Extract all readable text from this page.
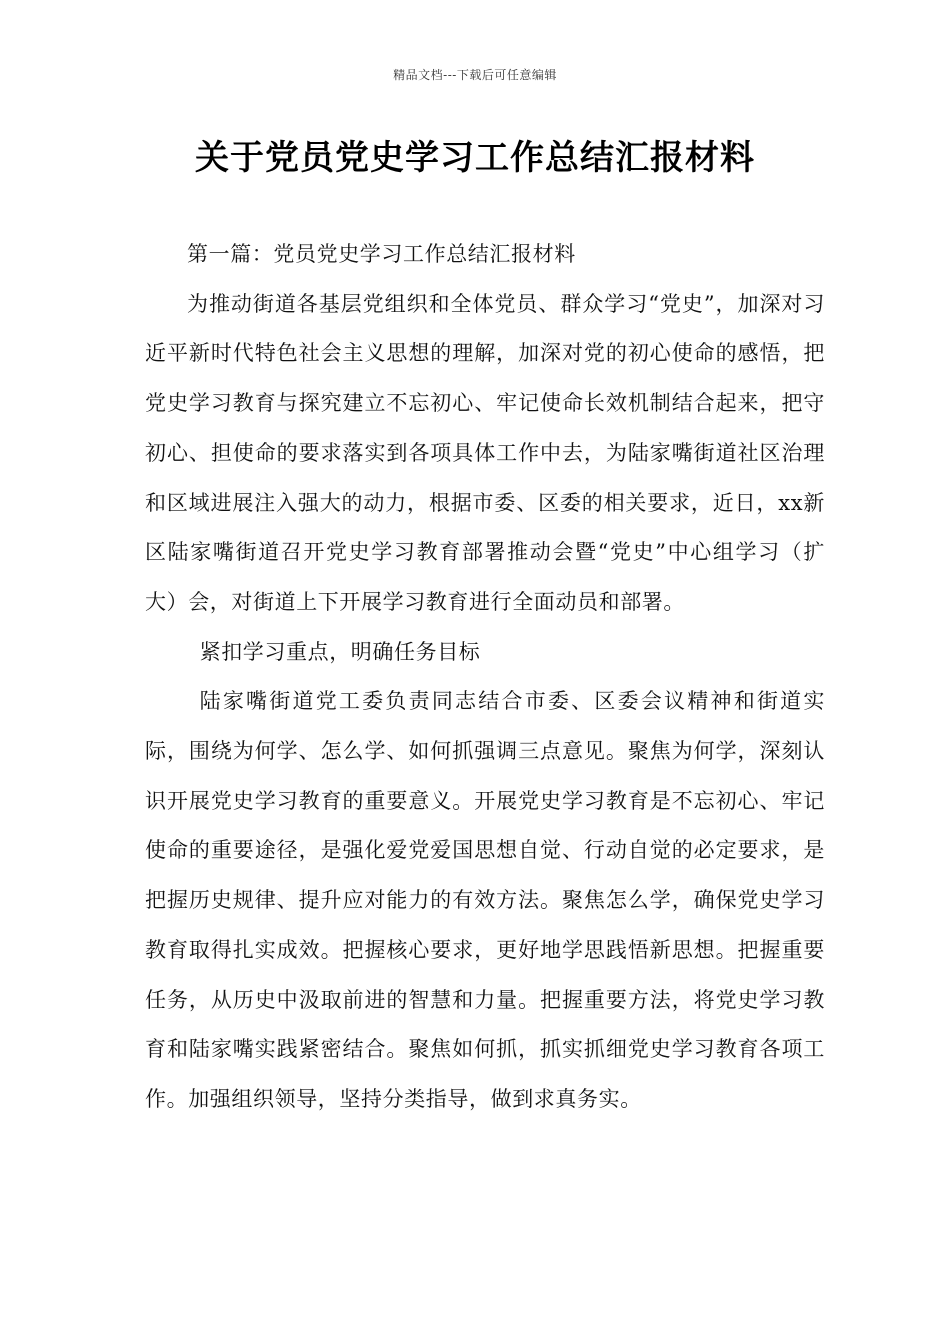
精品文档---下载后可任意编辑
关于党员党史学习工作总结汇报材料

第一篇：党员党史学习工作总结汇报材料

为推动街道各基层党组织和全体党员、群众学习“党史”，加深对习近平新时代特色社会主义思想的理解，加深对党的初心使命的感悟，把党史学习教育与探究建立不忘初心、牢记使命长效机制结合起来，把守初心、担使命的要求落实到各项具体工作中去，为陆家嘴街道社区治理和区域进展注入强大的动力，根据市委、区委的相关要求，近日，xx新区陆家嘴街道召开党史学习教育部署推动会暨“党史”中心组学习（扩大）会，对街道上下开展学习教育进行全面动员和部署。

紧扣学习重点，明确任务目标

陆家嘴街道党工委负责同志结合市委、区委会议精神和街道实际，围绕为何学、怎么学、如何抓强调三点意见。聚焦为何学，深刻认识开展党史学习教育的重要意义。开展党史学习教育是不忘初心、牢记使命的重要途径，是强化爱党爱国思想自觉、行动自觉的必定要求，是把握历史规律、提升应对能力的有效方法。聚焦怎么学，确保党史学习教育取得扎实成效。把握核心要求，更好地学思践悟新思想。把握重要任务，从历史中汲取前进的智慧和力量。把握重要方法，将党史学习教育和陆家嘴实践紧密结合。聚焦如何抓，抓实抓细党史学习教育各项工作。加强组织领导，坚持分类指导，做到求真务实。
